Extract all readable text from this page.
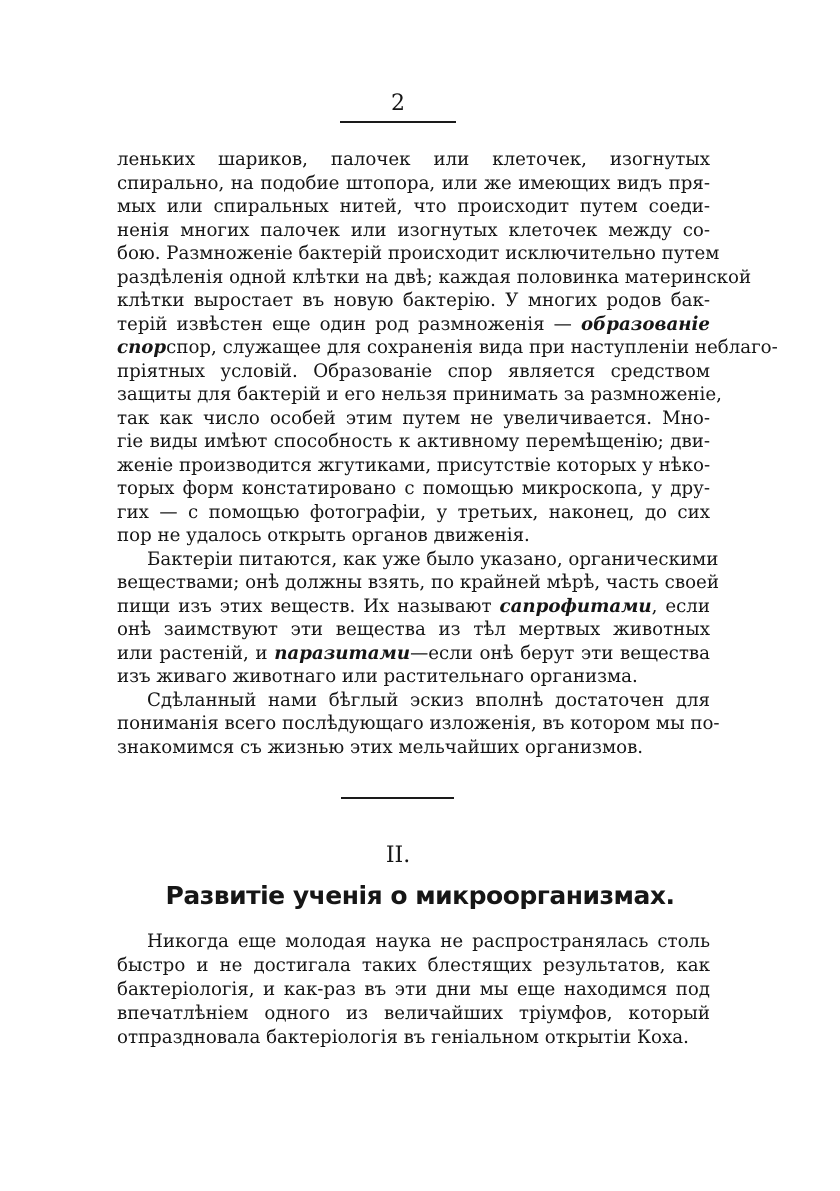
2
леньких шариков, палочек или клеточек, изогнутых
спирально, на подобие штопора, или же имеющих видъ пря-
мых или спиральных нитей, что происходит путем соеди-
ненія многих палочек или изогнутых клеточек между со-
бою. Размноженіе бактерій происходит исключительно путем
раздѣленія одной клѣтки на двѣ; каждая половинка материнской
клѣтки выростает въ новую бактерію. У многих родов бак-
терій извѣстен еще один род размноженія — образованіе
спорспор, служащее для сохраненія вида при наступленіи неблаго-
пріятных условій. Образованіе спор является средством
защиты для бактерій и его нельзя принимать за размноженіе,
так как число особей этим путем не увеличивается. Мно-
гіе виды имѣют способность к активному перемѣщенію; дви-
женіе производится жгутиками, присутствіе которых у нѣко-
торых форм констатировано с помощью микроскопа, у дру-
гих — с помощью фотографіи, у третьих, наконец, до сих
пор не удалось открыть органов движенія.
Бактеріи питаются, как уже было указано, органическими
веществами; онѣ должны взять, по крайней мѣрѣ, часть своей
пищи изъ этих веществ. Их называют сапрофитами, если
онѣ заимствуют эти вещества из тѣл мертвых животных
или растеній, и паразитами—если онѣ берут эти вещества
изъ живаго животнаго или растительнаго организма.
Сдѣланный нами бѣглый эскиз вполнѣ достаточен для
пониманія всего послѣдующаго изложенія, въ котором мы по-
знакомимся съ жизнью этих мельчайших организмов.
II.
Развитіе ученія о микроорганизмах.
Никогда еще молодая наука не распространялась столь
быстро и не достигала таких блестящих результатов, как
бактеріологія, и как-раз въ эти дни мы еще находимся под
впечатлѣніем одного из величайших тріумфов, который
отпраздновала бактеріологія въ геніальном открытіи Коха.
